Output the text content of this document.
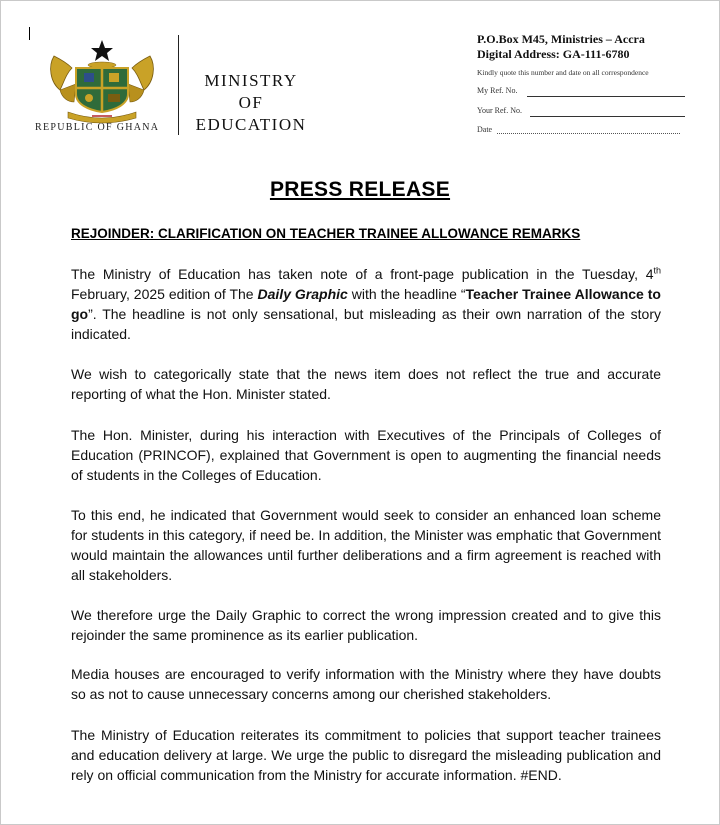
REPUBLIC OF GHANA
MINISTRY
OF
EDUCATION
P.O.Box M45, Ministries – Accra
Digital Address: GA-111-6780
Kindly quote this number and date on all correspondence
My Ref. No.
Your Ref. No.
Date
PRESS RELEASE
REJOINDER: CLARIFICATION ON TEACHER TRAINEE ALLOWANCE REMARKS

The Ministry of Education has taken note of a front-page publication in the Tuesday, 4th February, 2025 edition of The Daily Graphic with the headline “Teacher Trainee Allowance to go”. The headline is not only sensational, but misleading as their own narration of the story indicated.

We wish to categorically state that the news item does not reflect the true and accurate reporting of what the Hon. Minister stated.

The Hon. Minister, during his interaction with Executives of the Principals of Colleges of Education (PRINCOF), explained that Government is open to augmenting the financial needs of students in the Colleges of Education.

To this end, he indicated that Government would seek to consider an enhanced loan scheme for students in this category, if need be. In addition, the Minister was emphatic that Government would maintain the allowances until further deliberations and a firm agreement is reached with all stakeholders.

We therefore urge the Daily Graphic to correct the wrong impression created and to give this rejoinder the same prominence as its earlier publication.

Media houses are encouraged to verify information with the Ministry where they have doubts so as not to cause unnecessary concerns among our cherished stakeholders.

The Ministry of Education reiterates its commitment to policies that support teacher trainees and education delivery at large. We urge the public to disregard the misleading publication and rely on official communication from the Ministry for accurate information. #END.
